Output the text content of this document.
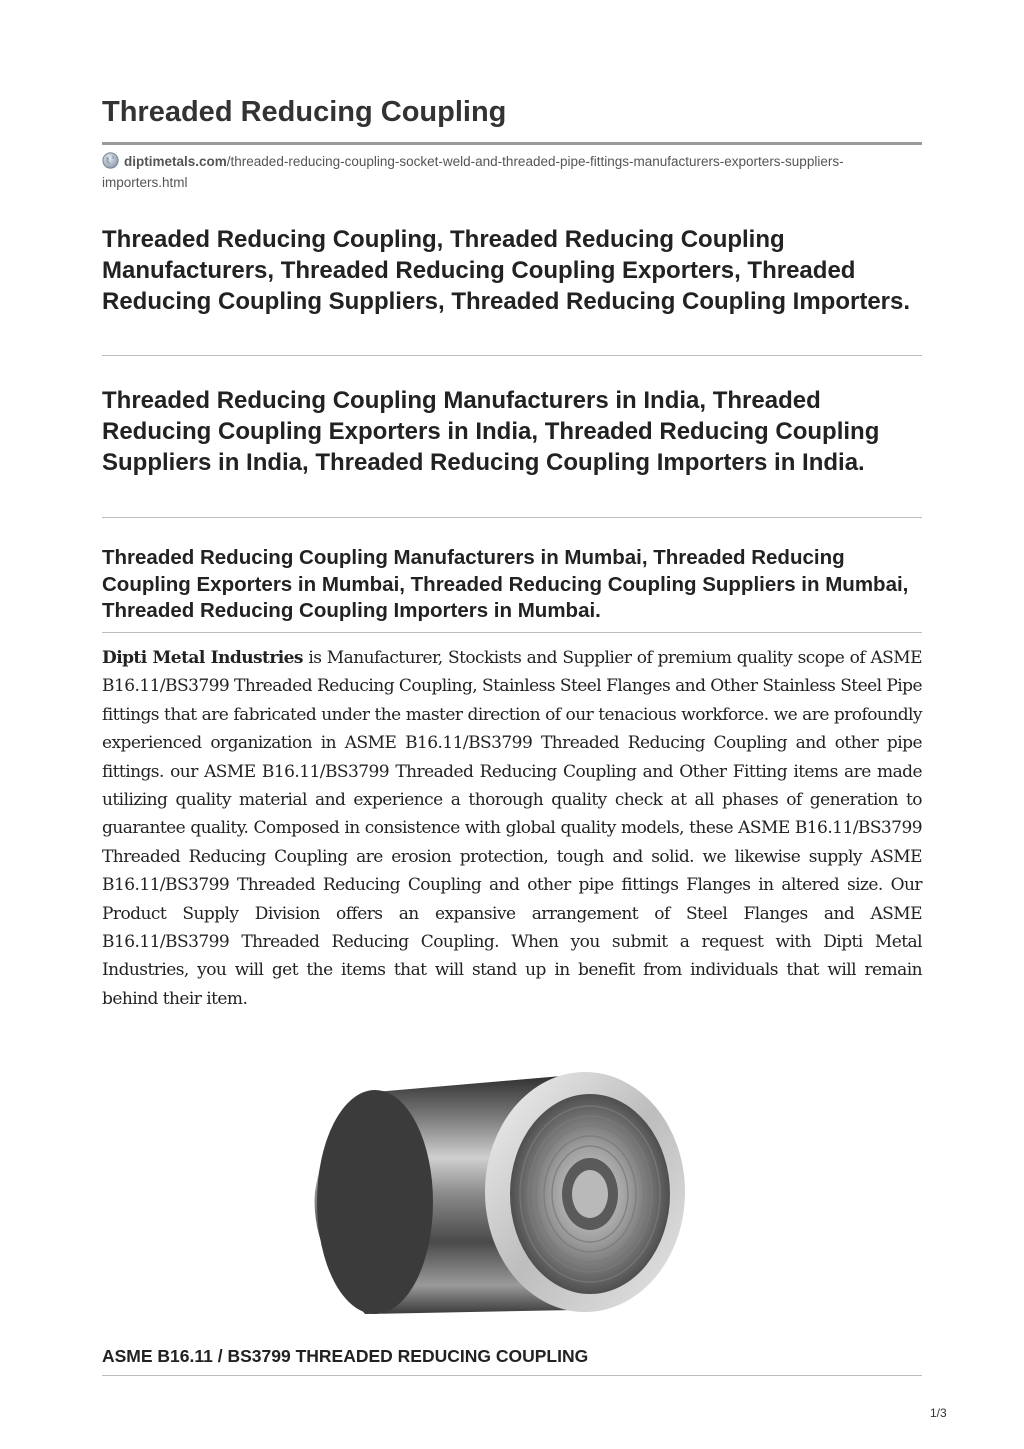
Threaded Reducing Coupling
diptimetals.com/threaded-reducing-coupling-socket-weld-and-threaded-pipe-fittings-manufacturers-exporters-suppliers-importers.html
Threaded Reducing Coupling, Threaded Reducing Coupling Manufacturers, Threaded Reducing Coupling Exporters, Threaded Reducing Coupling Suppliers, Threaded Reducing Coupling Importers.
Threaded Reducing Coupling Manufacturers in India, Threaded Reducing Coupling Exporters in India, Threaded Reducing Coupling Suppliers in India, Threaded Reducing Coupling Importers in India.
Threaded Reducing Coupling Manufacturers in Mumbai, Threaded Reducing Coupling Exporters in Mumbai, Threaded Reducing Coupling Suppliers in Mumbai, Threaded Reducing Coupling Importers in Mumbai.

Dipti Metal Industries is Manufacturer, Stockists and Supplier of premium quality scope of ASME B16.11/BS3799 Threaded Reducing Coupling, Stainless Steel Flanges and Other Stainless Steel Pipe fittings that are fabricated under the master direction of our tenacious workforce. we are profoundly experienced organization in ASME B16.11/BS3799 Threaded Reducing Coupling and other pipe fittings. our ASME B16.11/BS3799 Threaded Reducing Coupling and Other Fitting items are made utilizing quality material and experience a thorough quality check at all phases of generation to guarantee quality. Composed in consistence with global quality models, these ASME B16.11/BS3799 Threaded Reducing Coupling are erosion protection, tough and solid. we likewise supply ASME B16.11/BS3799 Threaded Reducing Coupling and other pipe fittings Flanges in altered size. Our Product Supply Division offers an expansive arrangement of Steel Flanges and ASME B16.11/BS3799 Threaded Reducing Coupling. When you submit a request with Dipti Metal Industries, you will get the items that will stand up in benefit from individuals that will remain behind their item.

ASME B16.11 / BS3799 THREADED REDUCING COUPLING
1/3
